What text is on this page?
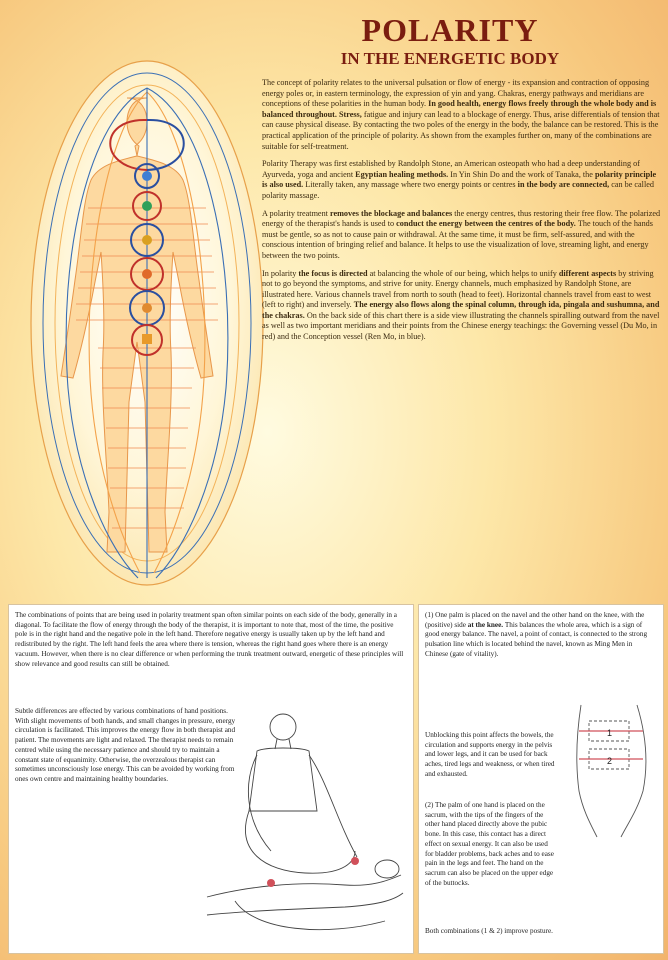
POLARITY
IN THE ENERGETIC BODY

The concept of polarity relates to the universal pulsation or flow of energy - its expansion and contraction of opposing energy poles or, in eastern terminology, the expression of yin and yang. Chakras, energy pathways and meridians are conceptions of these polarities in the human body. In good health, energy flows freely through the whole body and is balanced throughout. Stress, fatigue and injury can lead to a blockage of energy. Thus, arise differentials of tension that can cause physical disease. By contacting the two poles of the energy in the body, the balance can be restored. This is the practical application of the principle of polarity. As shown from the examples further on, many of the combinations are suitable for self-treatment.

Polarity Therapy was first established by Randolph Stone, an American osteopath who had a deep understanding of Ayurveda, yoga and ancient Egyptian healing methods. In Yin Shin Do and the work of Tanaka, the polarity principle is also used. Literally taken, any massage where two energy points or centres in the body are connected, can be called polarity massage.

A polarity treatment removes the blockage and balances the energy centres, thus restoring their free flow. The polarized energy of the therapist's hands is used to conduct the energy between the centres of the body. The touch of the hands must be gentle, so as not to cause pain or withdrawal. At the same time, it must be firm, self-assured, and with the conscious intention of bringing relief and balance. It helps to use the visualization of love, streaming light, and energy between the two points.

In polarity the focus is directed at balancing the whole of our being, which helps to unify different aspects by striving not to go beyond the symptoms, and strive for unity. Energy channels, much emphasized by Randolph Stone, are illustrated here. Various channels travel from north to south (head to feet). Horizontal channels travel from east to west (left to right) and inversely. The energy also flows along the spinal column, through ida, pingala and sushumna, and the chakras. On the back side of this chart there is a side view illustrating the channels spiralling outward from the navel as well as two important meridians and their points from the Chinese energy teachings: the Governing vessel (Du Mo, in red) and the Conception vessel (Ren Mo, in blue).

The combinations of points that are being used in polarity treatment span often similar points on each side of the body, generally in a diagonal. To facilitate the flow of energy through the body of the therapist, it is important to note that, most of the time, the positive pole is in the right hand and the negative pole in the left hand. Therefore negative energy is usually taken up by the left hand and redistributed by the right. The left hand feels the area where there is tension, whereas the right hand goes where there is an energy vacuum. However, when there is no clear difference or when performing the trunk treatment outward, energetic of these principles will show relevance and good results can still be obtained.
Subtle differences are effected by various combinations of hand positions. With slight movements of both hands, and small changes in pressure, energy circulation is facilitated. This improves the energy flow in both therapist and patient. The movements are light and relaxed. The therapist needs to remain centred while using the necessary patience and should try to maintain a constant state of equanimity. Otherwise, the overzealous therapist can sometimes unconsciously lose energy. This can be avoided by working from ones own centre and maintaining healthy boundaries.
(1) One palm is placed on the navel and the other hand on the knee, with the (positive) side at the knee. This balances the whole area, which is a sign of good energy balance. The navel, a point of contact, is connected to the strong pulsation line which is located behind the navel, known as Ming Men in Chinese (gate of vitality).
Unblocking this point affects the bowels, the circulation and supports energy in the pelvis and lower legs, and it can be used for back aches, tired legs and weakness, or when tired and exhausted.
(2) The palm of one hand is placed on the sacrum, with the tips of the fingers of the other hand placed directly above the pubic bone. In this case, this contact has a direct effect on sexual energy. It can also be used for bladder problems, back aches and to ease pain in the legs and feet. The hand on the sacrum can also be placed on the upper edge of the buttocks.
Both combinations (1 & 2) improve posture.
1
2
